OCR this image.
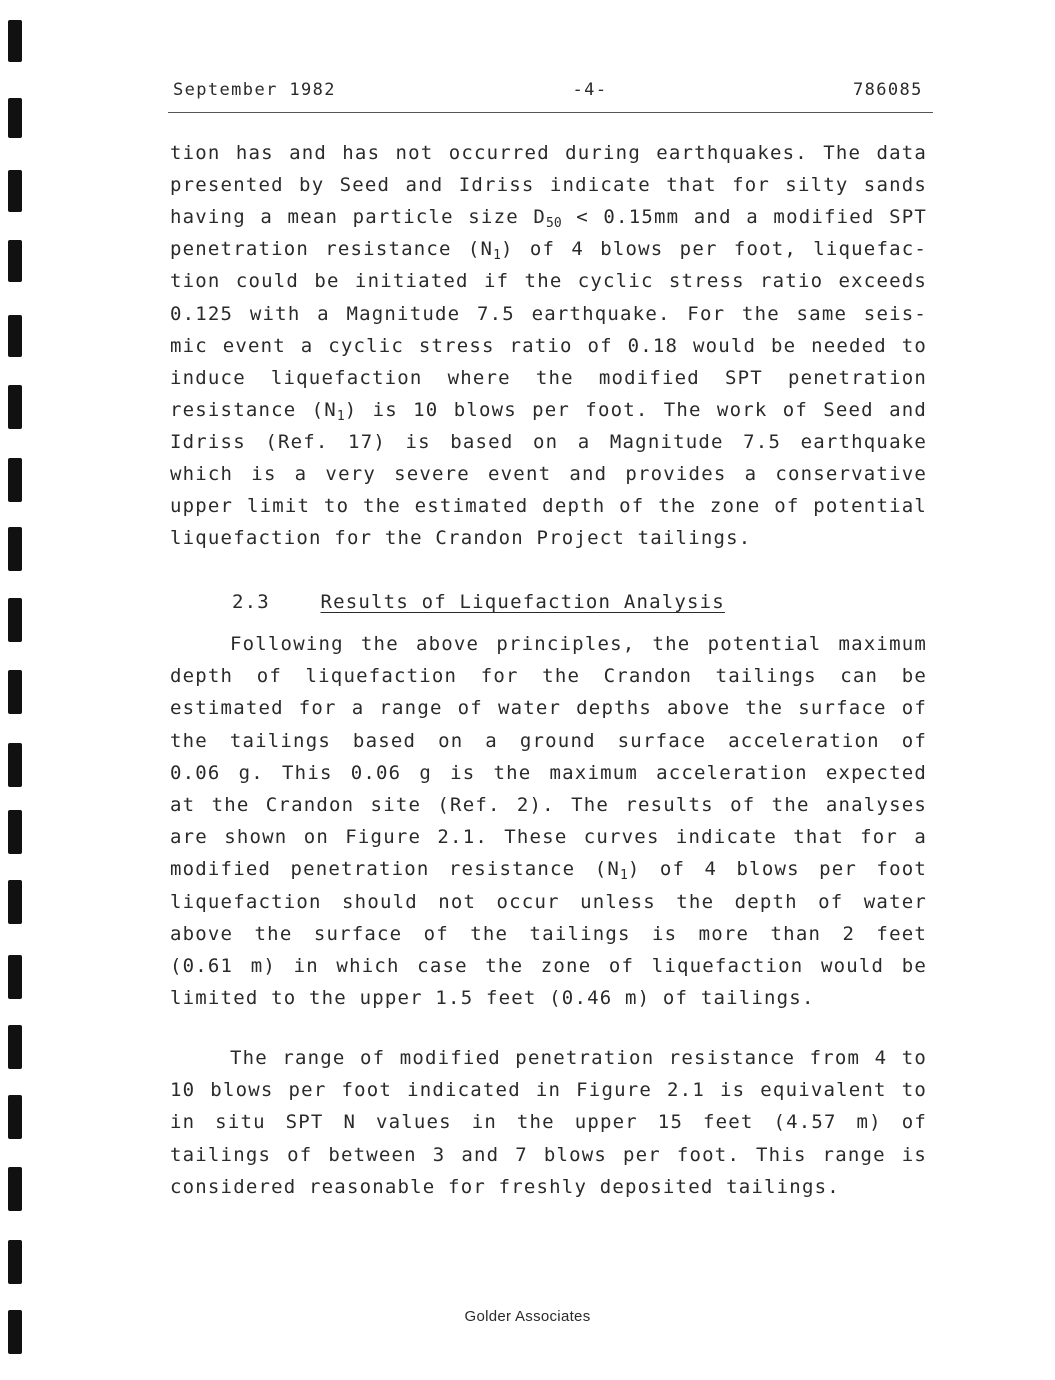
September 1982	-4-	786085
tion has and has not occurred during earthquakes. The data
presented by Seed and Idriss indicate that for silty sands
having a mean particle size $D_{50} < 0.15mm$ and a modified SPT
penetration resistance $(N_1)$ of 4 blows per foot, liquefac-
tion could be initiated if the cyclic stress ratio exceeds
0.125 with a Magnitude 7.5 earthquake. For the same seis-
mic event a cyclic stress ratio of 0.18 would be needed to
induce liquefaction where the modified SPT penetration
resistance $(N_1)$ is 10 blows per foot. The work of Seed and
Idriss (Ref. 17) is based on a Magnitude 7.5 earthquake
which is a very severe event and provides a conservative
upper limit to the estimated depth of the zone of potential
liquefaction for the Crandon Project tailings.
2.3	Results of Liquefaction Analysis
Following the above principles, the potential maximum
depth of liquefaction for the Crandon tailings can be
estimated for a range of water depths above the surface of
the tailings based on a ground surface acceleration of
0.06 g. This 0.06 g is the maximum acceleration expected
at the Crandon site (Ref. 2). The results of the analyses
are shown on Figure 2.1. These curves indicate that for a
modified penetration resistance $(N_1)$ of 4 blows per foot
liquefaction should not occur unless the depth of water
above the surface of the tailings is more than 2 feet
(0.61 m) in which case the zone of liquefaction would be
limited to the upper 1.5 feet (0.46 m) of tailings.
The range of modified penetration resistance from 4 to
10 blows per foot indicated in Figure 2.1 is equivalent to
in situ SPT N values in the upper 15 feet (4.57 m) of
tailings of between 3 and 7 blows per foot. This range is
considered reasonable for freshly deposited tailings.
Golder Associates
